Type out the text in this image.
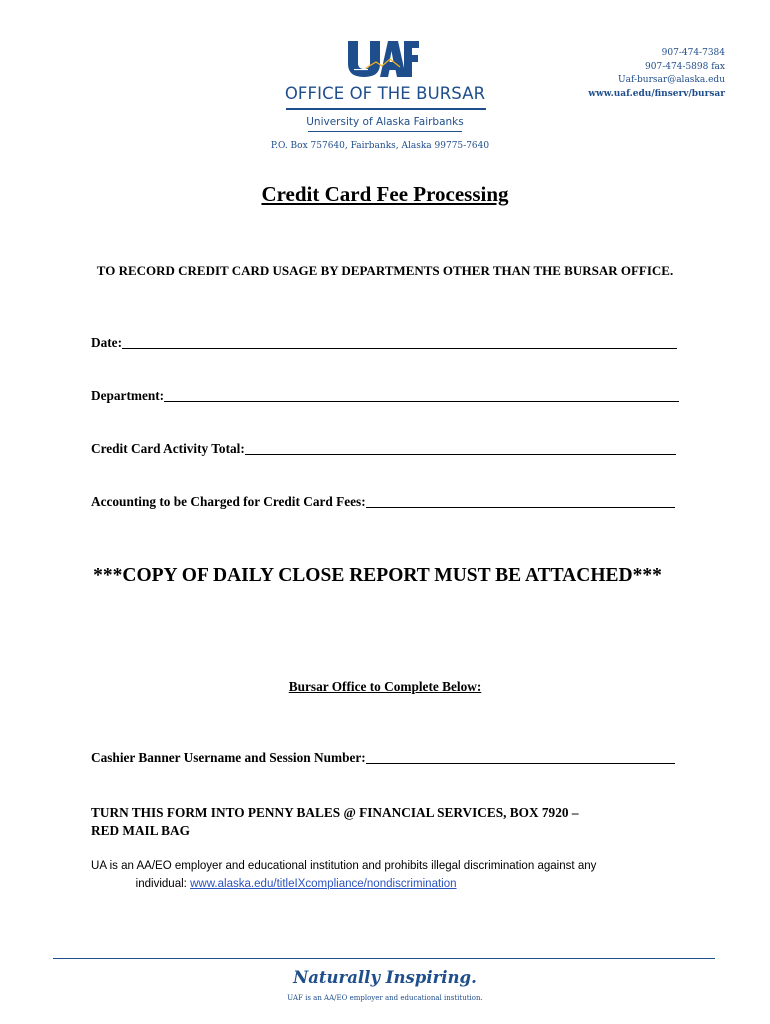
OFFICE OF THE BURSAR
University of Alaska Fairbanks
907-474-7384
907-474-5898 fax
Uaf-bursar@alaska.edu
www.uaf.edu/finserv/bursar
P.O. Box 757640, Fairbanks, Alaska 99775-7640
Credit Card Fee Processing
TO RECORD CREDIT CARD USAGE BY DEPARTMENTS OTHER THAN THE BURSAR OFFICE.
Date:
Department:
Credit Card Activity Total:
Accounting to be Charged for Credit Card Fees:
***COPY OF DAILY CLOSE REPORT MUST BE ATTACHED***
Bursar Office to Complete Below:
Cashier Banner Username and Session Number:
TURN THIS FORM INTO PENNY BALES @ FINANCIAL SERVICES, BOX 7920 –
RED MAIL BAG
UA is an AA/EO employer and educational institution and prohibits illegal discrimination against any
individual: www.alaska.edu/titleIXcompliance/nondiscrimination
Naturally Inspiring.
UAF is an AA/EO employer and educational institution.
